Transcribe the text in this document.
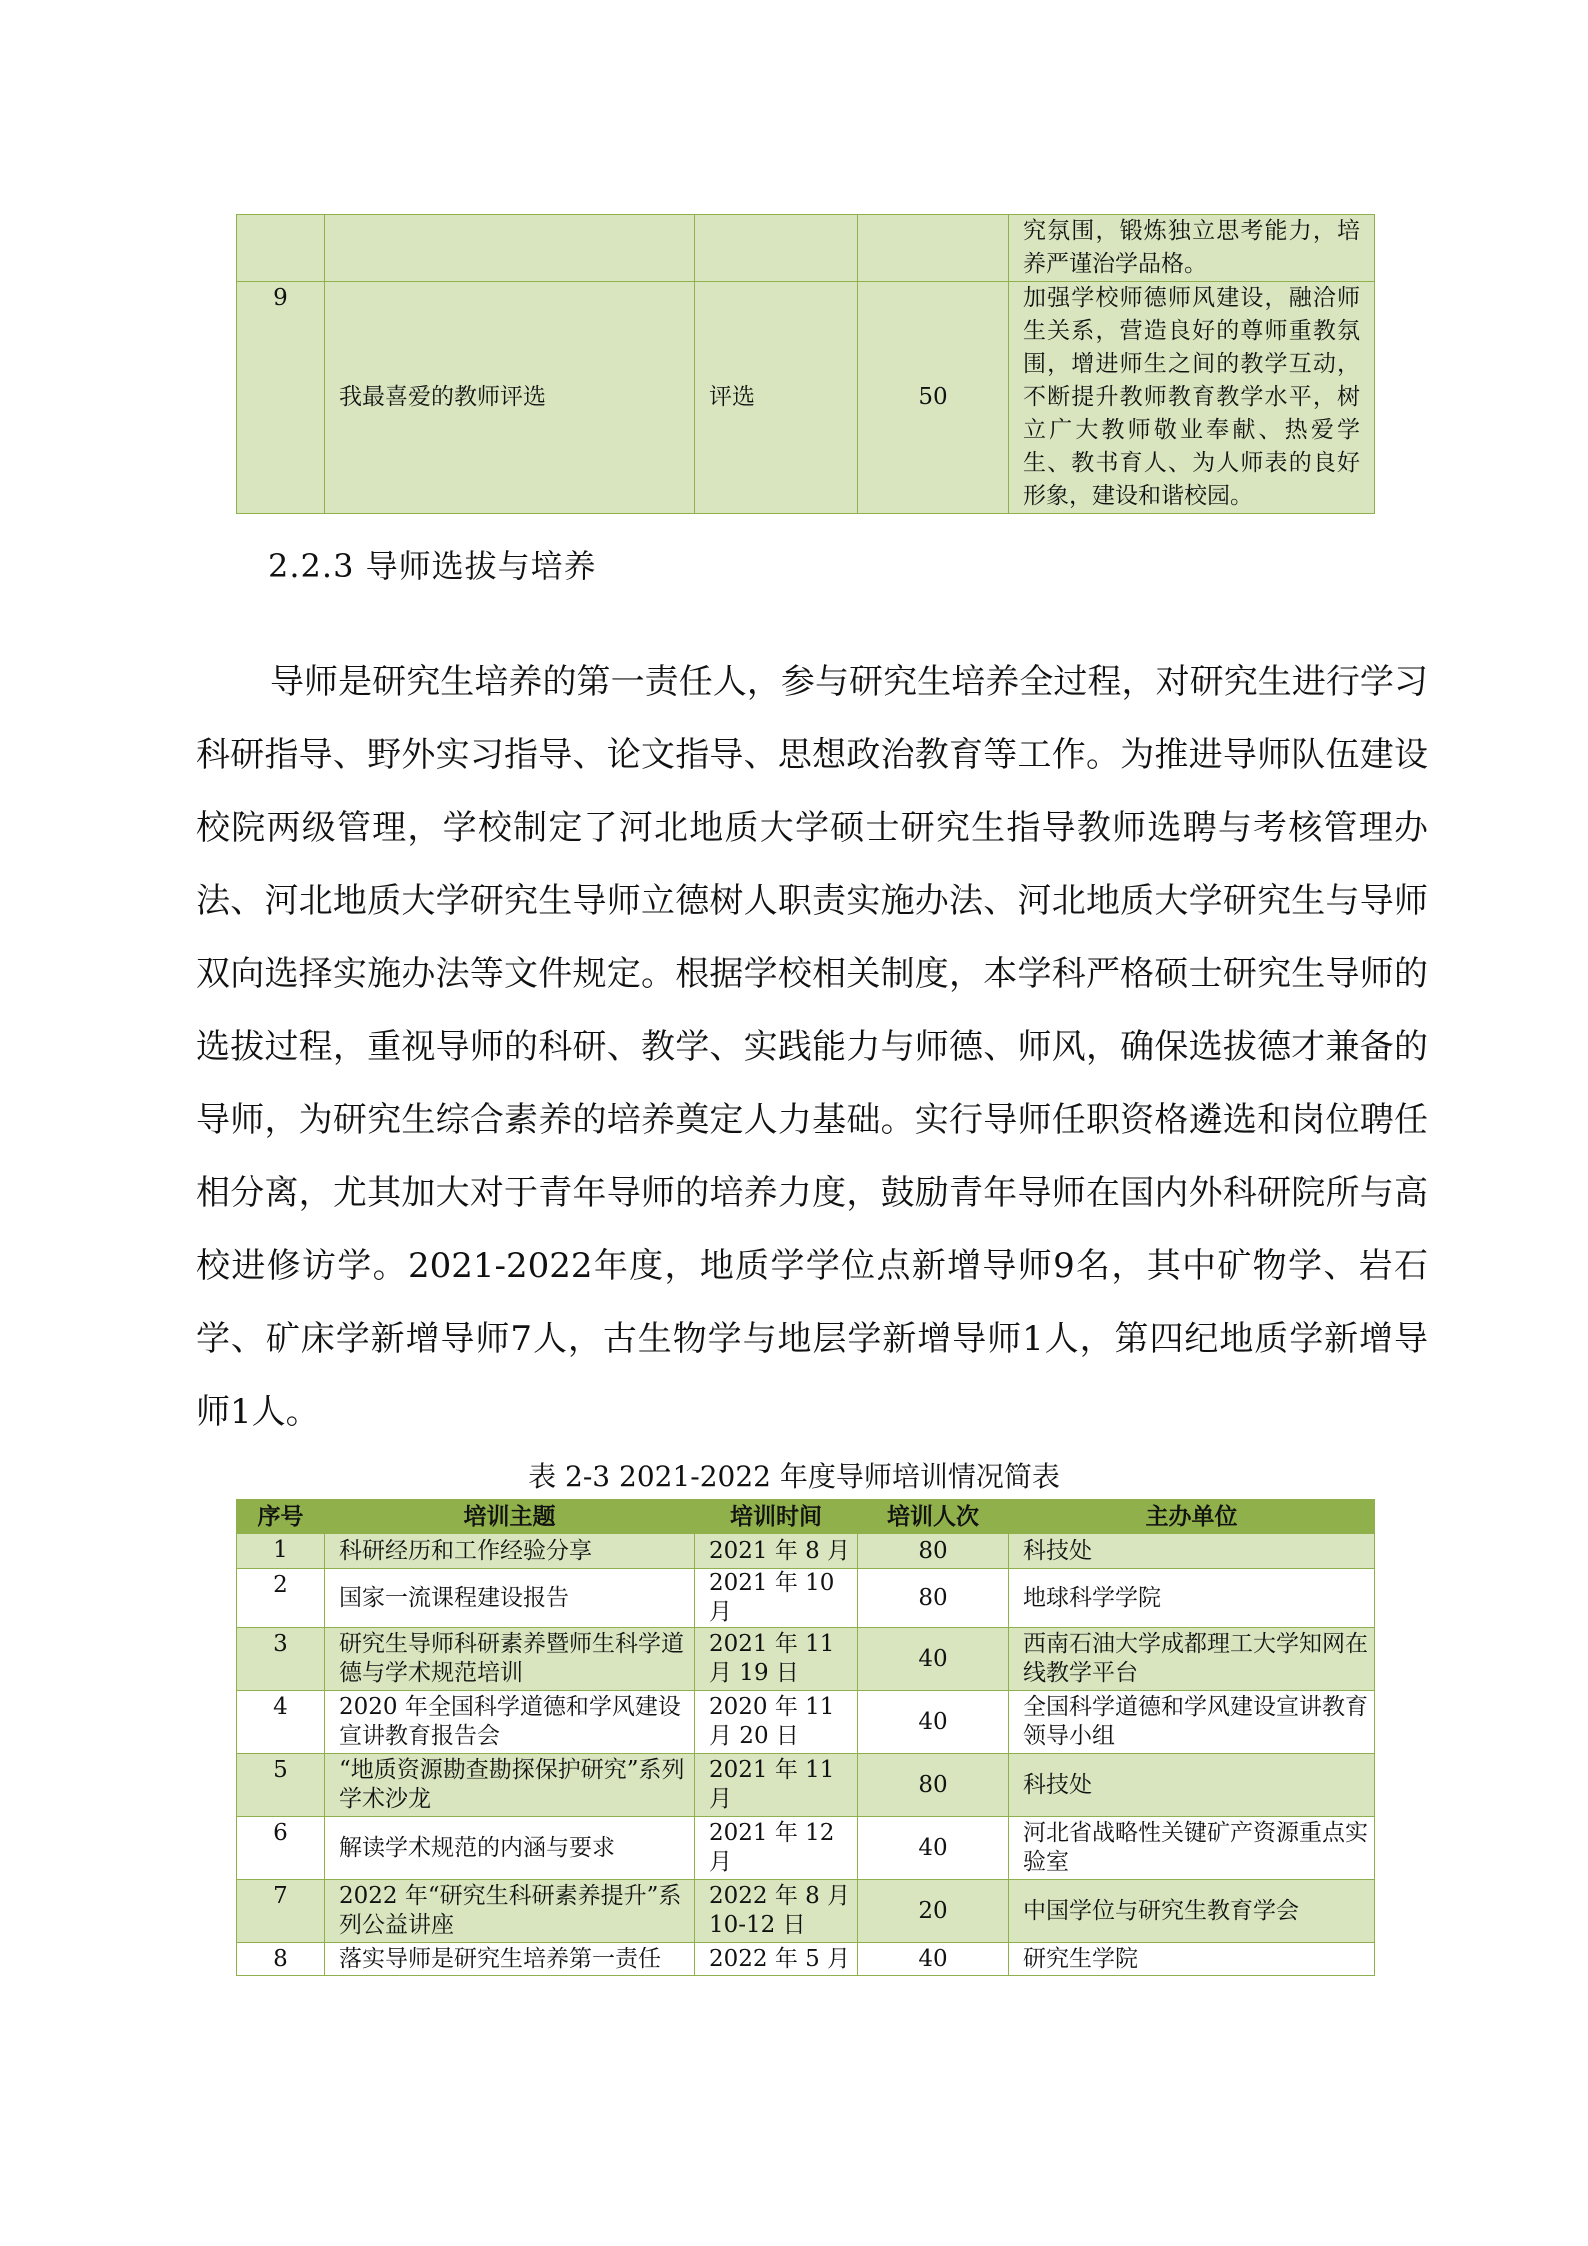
				究氛围，锻炼独立思考能力，培养严谨治学品格。
9	我最喜爱的教师评选	评选	50	加强学校师德师风建设，融洽师生关系，营造良好的尊师重教氛围，增进师生之间的教学互动，不断提升教师教育教学水平，树立广大教师敬业奉献、热爱学生、教书育人、为人师表的良好形象，建设和谐校园。
2.2.3 导师选拔与培养

导师是研究生培养的第一责任人，参与研究生培养全过程，对研究生进行学习科研指导、野外实习指导、论文指导、思想政治教育等工作。为推进导师队伍建设校院两级管理，学校制定了河北地质大学硕士研究生指导教师选聘与考核管理办法、河北地质大学研究生导师立德树人职责实施办法、河北地质大学研究生与导师双向选择实施办法等文件规定。根据学校相关制度，本学科严格硕士研究生导师的选拔过程，重视导师的科研、教学、实践能力与师德、师风，确保选拔德才兼备的导师，为研究生综合素养的培养奠定人力基础。实行导师任职资格遴选和岗位聘任相分离，尤其加大对于青年导师的培养力度，鼓励青年导师在国内外科研院所与高校进修访学。2021-2022年度，地质学学位点新增导师9名，其中矿物学、岩石学、矿床学新增导师7人，古生物学与地层学新增导师1人，第四纪地质学新增导师1人。

表 2-3 2021-2022 年度导师培训情况简表
序号	培训主题	培训时间	培训人次	主办单位
1	科研经历和工作经验分享	2021 年 8 月	80	科技处
2	国家一流课程建设报告	2021 年 10 月	80	地球科学学院
3	研究生导师科研素养暨师生科学道德与学术规范培训	2021 年 11 月 19 日	40	西南石油大学成都理工大学知网在线教学平台
4	2020 年全国科学道德和学风建设宣讲教育报告会	2020 年 11 月 20 日	40	全国科学道德和学风建设宣讲教育领导小组
5	“地质资源勘查勘探保护研究”系列学术沙龙	2021 年 11 月	80	科技处
6	解读学术规范的内涵与要求	2021 年 12 月	40	河北省战略性关键矿产资源重点实验室
7	2022 年“研究生科研素养提升”系列公益讲座	2022 年 8 月 10-12 日	20	中国学位与研究生教育学会
8	落实导师是研究生培养第一责任	2022 年 5 月	40	研究生学院
